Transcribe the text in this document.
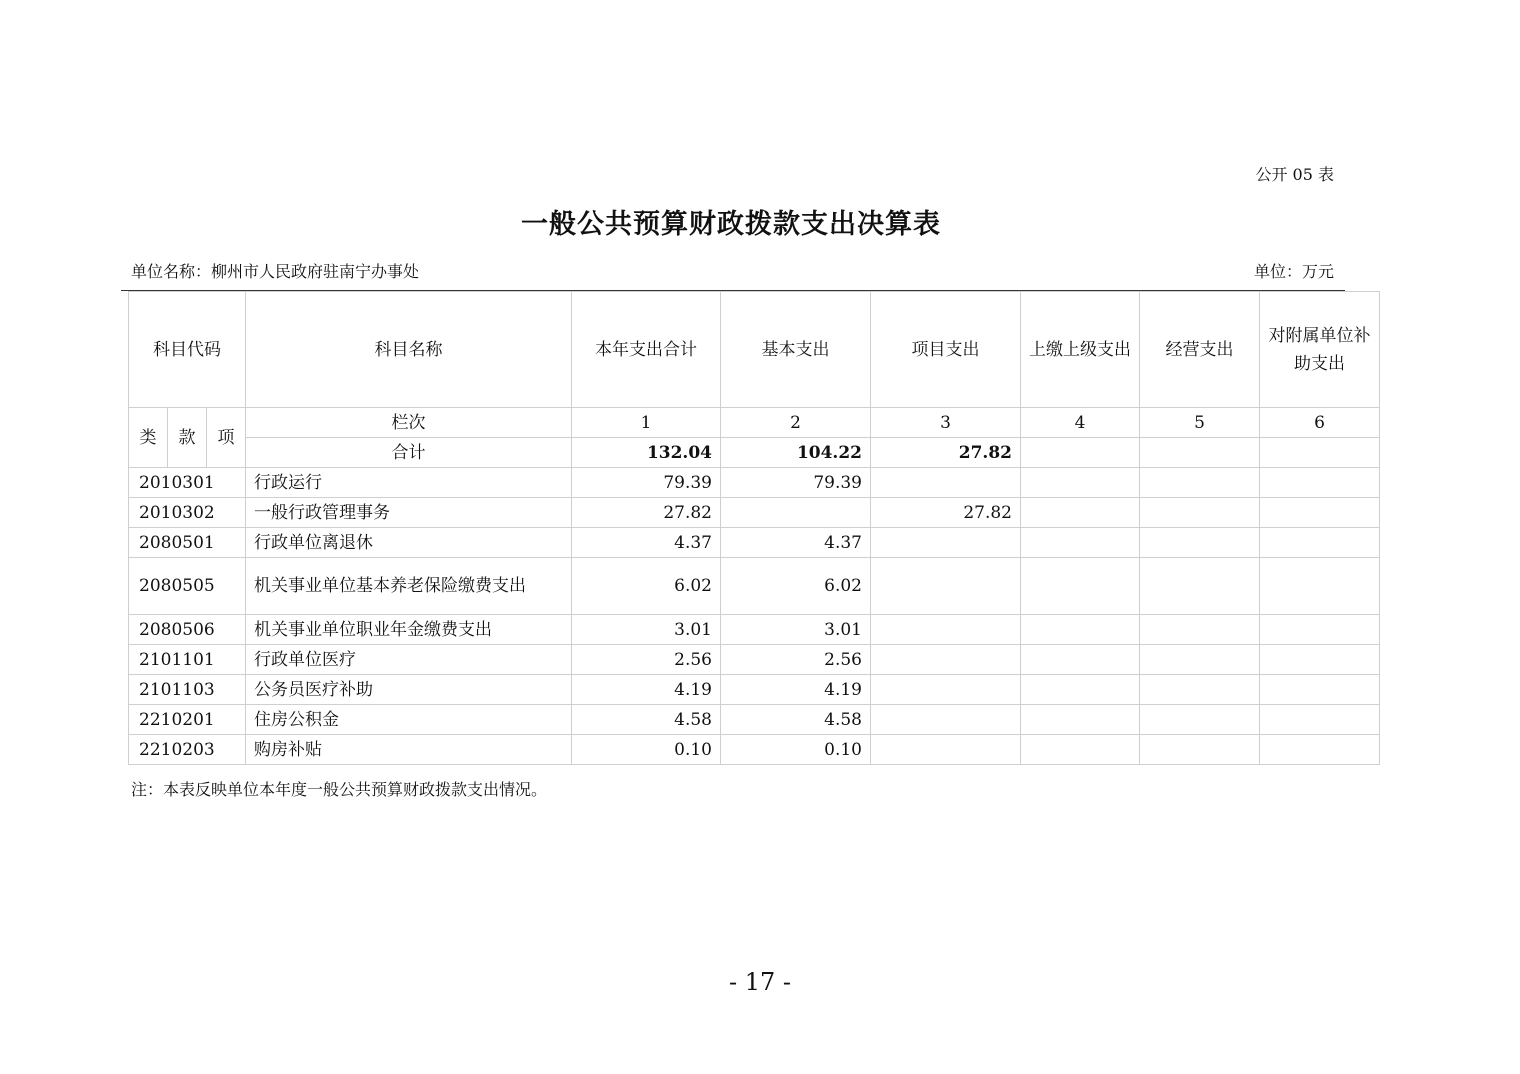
公开 05 表
一般公共预算财政拨款支出决算表
单位名称：柳州市人民政府驻南宁办事处	单位：万元
科目代码			科目名称	本年支出合计	基本支出	项目支出	上缴上级支出	经营支出	对附属单位补助支出
类	款	项	栏次	1	2	3	4	5	6
			合计	132.04	104.22	27.82			
2010301			行政运行	79.39	79.39				
2010302			一般行政管理事务	27.82		27.82			
2080501			行政单位离退休	4.37	4.37				
2080505			机关事业单位基本养老保险缴费支出	6.02	6.02				
2080506			机关事业单位职业年金缴费支出	3.01	3.01				
2101101			行政单位医疗	2.56	2.56				
2101103			公务员医疗补助	4.19	4.19				
2210201			住房公积金	4.58	4.58				
2210203			购房补贴	0.10	0.10				
注：本表反映单位本年度一般公共预算财政拨款支出情况。
- 17 -
